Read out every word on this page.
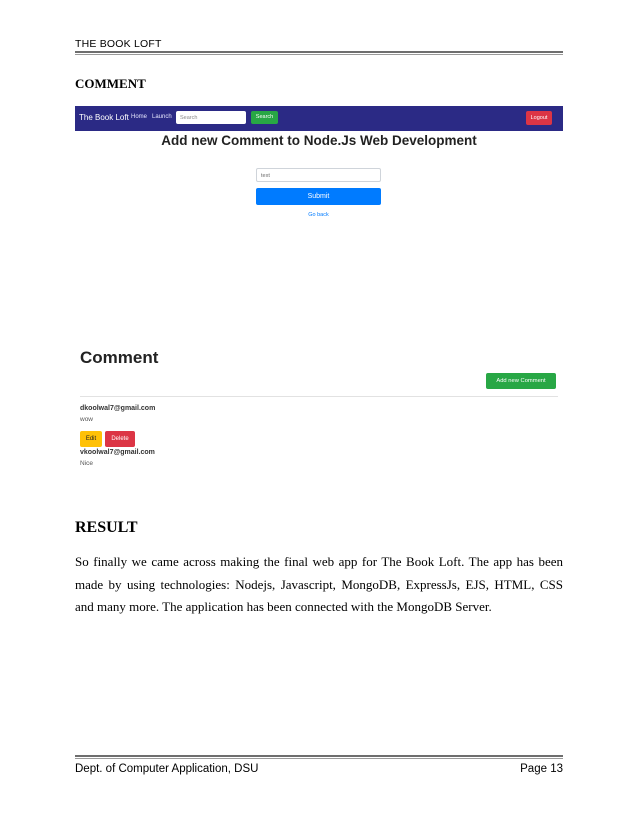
THE BOOK LOFT
COMMENT
The Book Loft Home Launch	Search	Search	Logout
Add new Comment to Node.Js Web Development
text
Submit
Go back
Comment
Add new Comment
dkoolwal7@gmail.com
wow
Edit	Delete
vkoolwal7@gmail.com
Nice
RESULT
So finally we came across making the final web app for The Book Loft. The app has been made by using technologies: Nodejs, Javascript, MongoDB, ExpressJs, EJS, HTML, CSS and many more. The application has been connected with the MongoDB Server.
Dept. of Computer Application, DSU	Page 13
